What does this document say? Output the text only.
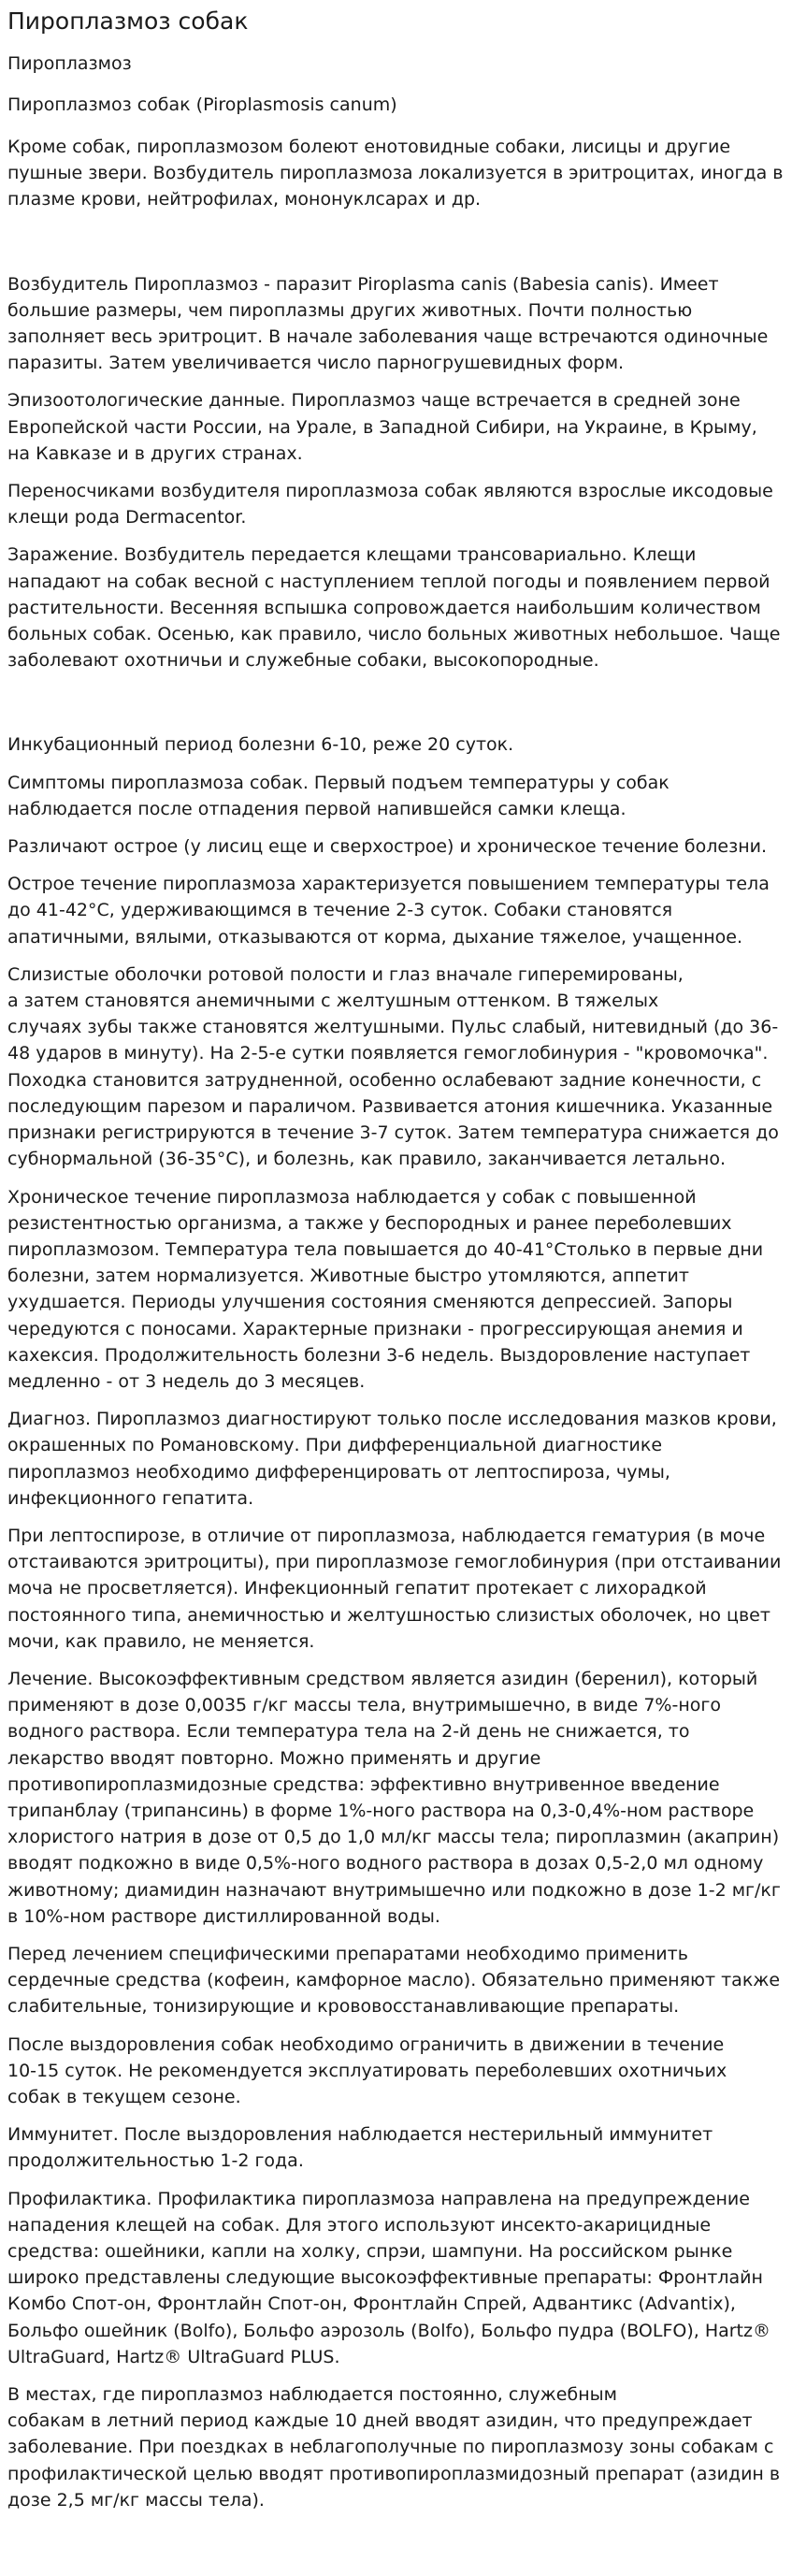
Пироплазмоз собак
Пироплазмоз
Пироплазмоз собак (Piroplasmosis canum)

Кроме собак, пироплазмозом болеют енотовидные собаки, лисицы и другие пушные звери. Возбудитель пироплазмоза локализуется в эритроцитах, иногда в плазме крови, нейтрофилах, мононуклсарах и др.

Возбудитель Пироплазмоз - паразит Piroplasma canis (Babesia canis). Имеет большие размеры, чем пироплазмы других животных. Почти полностью заполняет весь эритроцит. В начале заболевания чаще встречаются одиночные паразиты. Затем увеличивается число парногрушевидных форм.

Эпизоотологические данные. Пироплазмоз чаще встречается в средней зоне Европейской части России, на Урале, в Западной Сибири, на Украине, в Крыму, на Кавказе и в других странах.

Переносчиками возбудителя пироплазмоза собак являются взрослые иксодовые клещи рода Dermacentor.

Заражение. Возбудитель передается клещами трансовариально. Клещи нападают на собак весной с наступлением теплой погоды и появлением первой растительности. Весенняя вспышка сопровождается наибольшим количеством больных собак. Осенью, как правило, число больных животных небольшое. Чаще заболевают охотничьи и служебные собаки, высокопородные.

Инкубационный период болезни 6-10, реже 20 суток.

Симптомы пироплазмоза собак. Первый подъем температуры у собак наблюдается после отпадения первой напившейся самки клеща.

Различают острое (у лисиц еще и сверхострое) и хроническое течение болезни.

Острое течение пироплазмоза характеризуется повышением температуры тела до 41-42°С, удерживающимся в течение 2-3 суток. Собаки становятся апатичными, вялыми, отказываются от корма, дыхание тяжелое, учащенное.

Слизистые оболочки ротовой полости и глаз вначале гиперемированы,
а затем становятся анемичными с желтушным оттенком. В тяжелых
случаях зубы также становятся желтушными. Пульс слабый, нитевидный (до 36-48 ударов в минуту). На 2-5-е сутки появляется гемоглобинурия - "кровомочка". Походка становится затрудненной, особенно ослабевают задние конечности, с последующим парезом и параличом. Развивается атония кишечника. Указанные признаки регистрируются в течение 3-7 суток. Затем температура снижается до субнормальной (36-35°С), и болезнь, как правило, заканчивается летально.

Хроническое течение пироплазмоза наблюдается у собак с повышенной резистентностью организма, а также у беспородных и ранее переболевших пироплазмозом. Температура тела повышается до 40-41°Столько в первые дни болезни, затем нормализуется. Животные быстро утомляются, аппетит ухудшается. Периоды улучшения состояния сменяются депрессией. Запоры чередуются с поносами. Характерные признаки - прогрессирующая анемия и кахексия. Продолжительность болезни 3-6 недель. Выздоровление наступает медленно - от 3 недель до 3 месяцев.

Диагноз. Пироплазмоз диагностируют только после исследования мазков крови, окрашенных по Романовскому. При дифференциальной диагностике пироплазмоз необходимо дифференцировать от лептоспироза, чумы, инфекционного гепатита.

При лептоспирозе, в отличие от пироплазмоза, наблюдается гематурия (в моче отстаиваются эритроциты), при пироплазмозе гемоглобинурия (при отстаивании моча не просветляется). Инфекционный гепатит протекает с лихорадкой постоянного типа, анемичностью и желтушностью слизистых оболочек, но цвет мочи, как правило, не меняется.

Лечение. Высокоэффективным средством является азидин (беренил), который применяют в дозе 0,0035 г/кг массы тела, внутримышечно, в виде 7%-ного водного раствора. Если температура тела на 2-й день не снижается, то лекарство вводят повторно. Можно применять и другие противопироплазмидозные средства: эффективно внутривенное введение трипанблау (трипансинь) в форме 1%-ного раствора на 0,3-0,4%-ном растворе хлористого натрия в дозе от 0,5 до 1,0 мл/кг массы тела; пироплазмин (акаприн) вводят подкожно в виде 0,5%-ного водного раствора в дозах 0,5-2,0 мл одному животному; диамидин назначают внутримышечно или подкожно в дозе 1-2 мг/кг в 10%-ном растворе дистиллированной воды.

Перед лечением специфическими препаратами необходимо применить сердечные средства (кофеин, камфорное масло). Обязательно применяют также слабительные, тонизирующие и крововосстанавливающие препараты.

После выздоровления собак необходимо ограничить в движении в течение
10-15 суток. Не рекомендуется эксплуатировать переболевших охотничьих
собак в текущем сезоне.

Иммунитет. После выздоровления наблюдается нестерильный иммунитет продолжительностью 1-2 года.

Профилактика. Профилактика пироплазмоза направлена на предупреждение нападения клещей на собак. Для этого используют инсекто-акарицидные средства: ошейники, капли на холку, спрэи, шампуни. На российском рынке широко представлены следующие высокоэффективные препараты: Фронтлайн Комбо Спот-он, Фронтлайн Спот-он, Фронтлайн Спрей, Адвантикс (Advantix), Больфо ошейник (Bolfo), Больфо аэрозоль (Bolfo), Больфо пудра (BOLFO), Hartz® UltraGuard, Hartz® UltraGuard PLUS.

В местах, где пироплазмоз наблюдается постоянно, служебным
собакам в летний период каждые 10 дней вводят азидин, что предупреждает заболевание. При поездках в неблагополучные по пироплазмозу зоны собакам с профилактической целью вводят противопироплазмидозный препарат (азидин в дозе 2,5 мг/кг массы тела).
